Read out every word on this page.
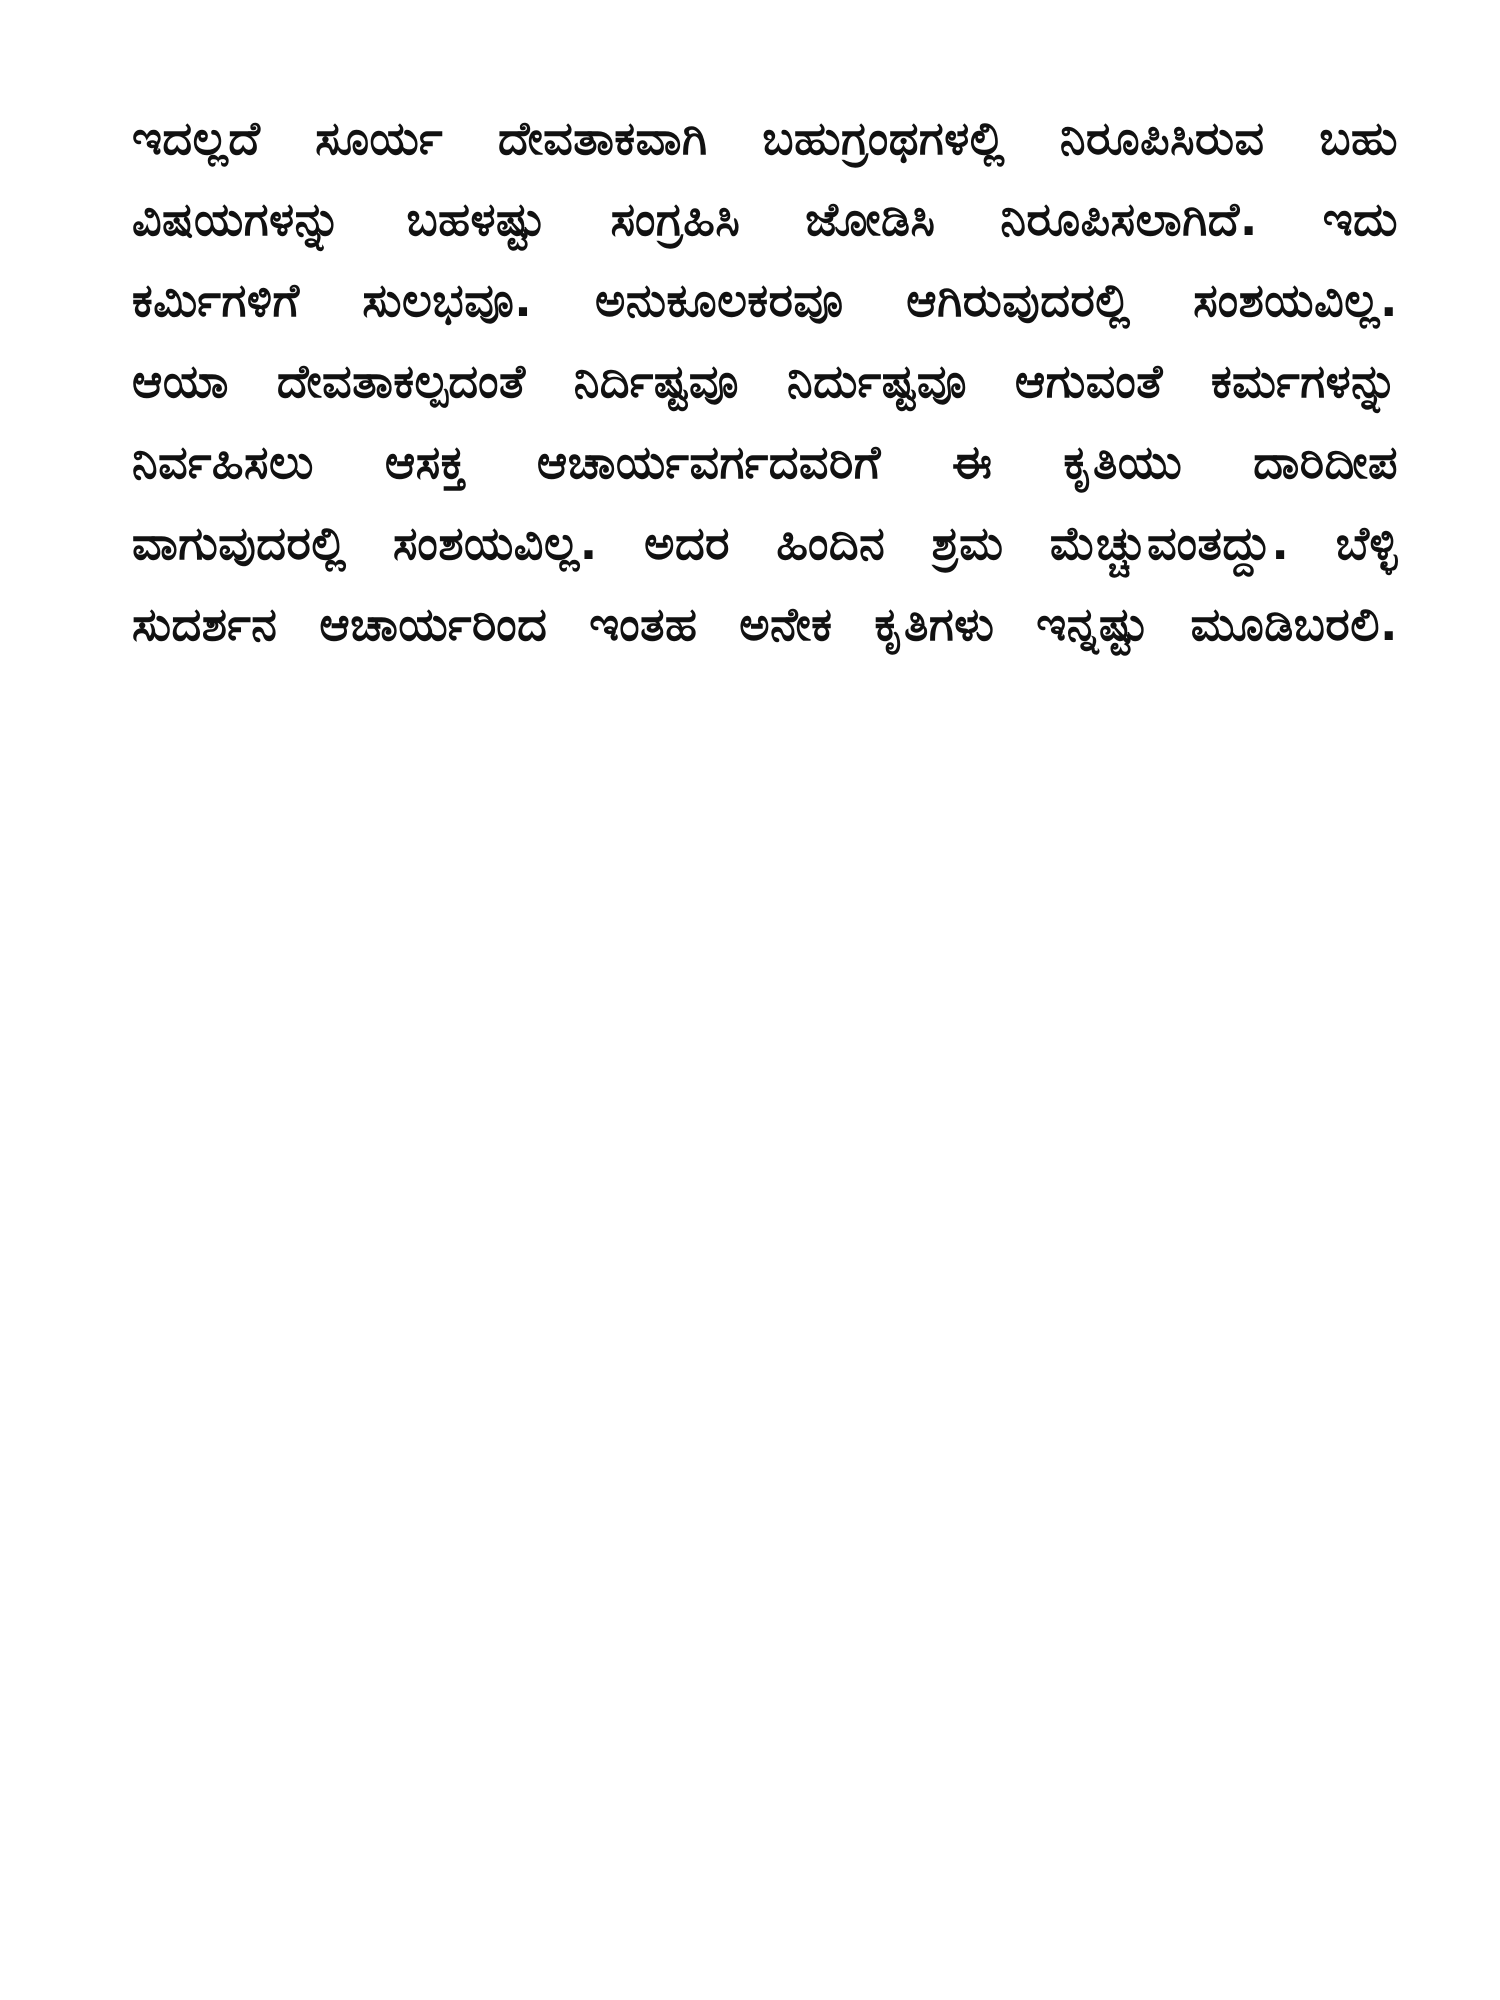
ಇದಲ್ಲದೆ ಸೂರ್ಯ ದೇವತಾಕವಾಗಿ ಬಹುಗ್ರಂಥಗಳಲ್ಲಿ ನಿರೂಪಿಸಿರುವ ಬಹು
ವಿಷಯಗಳನ್ನು ಬಹಳಷ್ಟು ಸಂಗ್ರಹಿಸಿ ಜೋಡಿಸಿ ನಿರೂಪಿಸಲಾಗಿದೆ. ಇದು
ಕರ್ಮಿಗಳಿಗೆ ಸುಲಭವೂ. ಅನುಕೂಲಕರವೂ ಆಗಿರುವುದರಲ್ಲಿ ಸಂಶಯವಿಲ್ಲ.
ಆಯಾ ದೇವತಾಕಲ್ಪದಂತೆ ನಿರ್ದಿಷ್ಟವೂ ನಿರ್ದುಷ್ಟವೂ ಆಗುವಂತೆ ಕರ್ಮಗಳನ್ನು
ನಿರ್ವಹಿಸಲು ಆಸಕ್ತ ಆಚಾರ್ಯವರ್ಗದವರಿಗೆ ಈ ಕೃತಿಯು ದಾರಿದೀಪ
ವಾಗುವುದರಲ್ಲಿ ಸಂಶಯವಿಲ್ಲ. ಅದರ ಹಿಂದಿನ ಶ್ರಮ ಮೆಚ್ಚುವಂತದ್ದು. ಬೆಳ್ಳಿ
ಸುದರ್ಶನ ಆಚಾರ್ಯರಿಂದ ಇಂತಹ ಅನೇಕ ಕೃತಿಗಳು ಇನ್ನಷ್ಟು ಮೂಡಿಬರಲಿ.
